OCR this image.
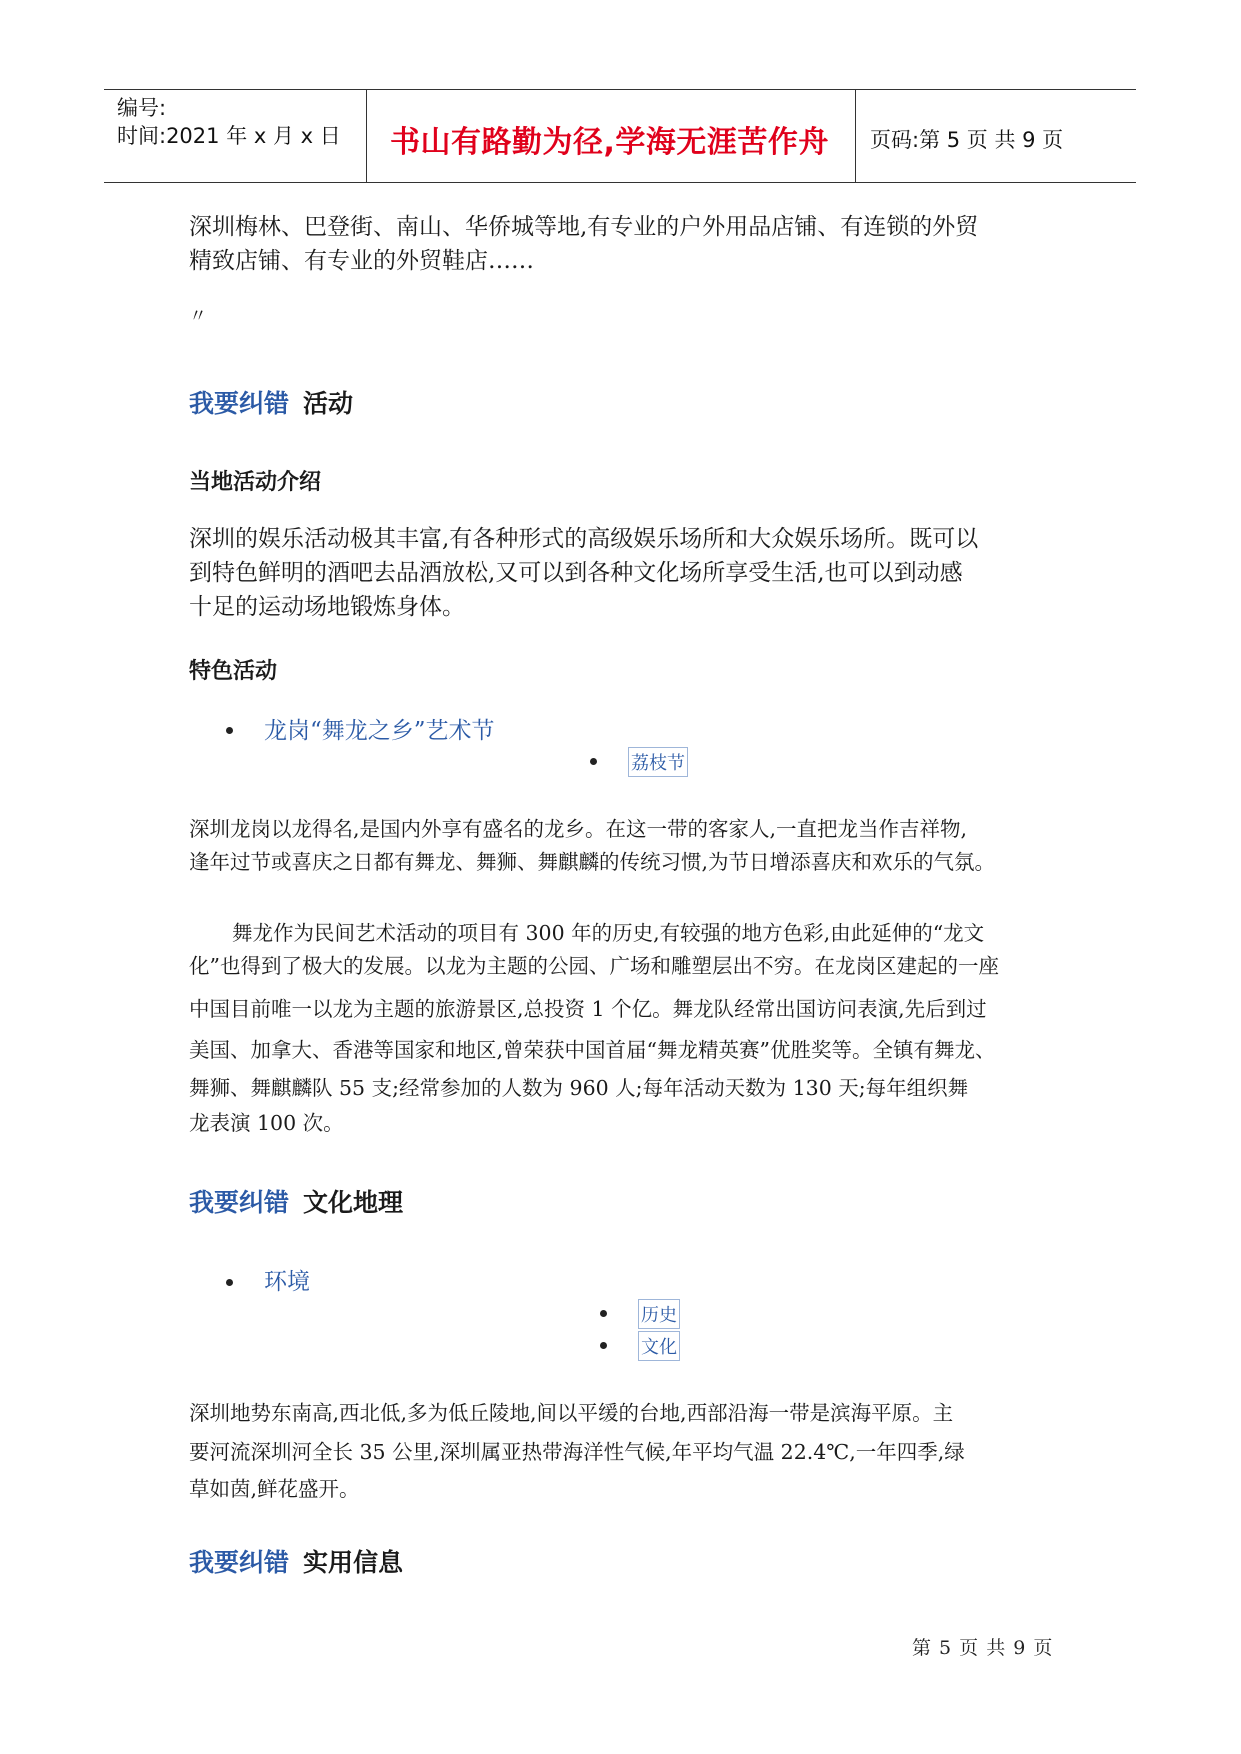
编号:
时间:2021 年 x 月 x 日 书山有路勤为径,学海无涯苦作舟 页码:第 5 页 共 9 页
深圳梅林、巴登街、南山、华侨城等地,有专业的户外用品店铺、有连锁的外贸
精致店铺、有专业的外贸鞋店……
〃
我要纠错 活动
当地活动介绍
深圳的娱乐活动极其丰富,有各种形式的高级娱乐场所和大众娱乐场所。既可以
到特色鲜明的酒吧去品酒放松,又可以到各种文化场所享受生活,也可以到动感
十足的运动场地锻炼身体。
特色活动
龙岗“舞龙之乡”艺术节
荔枝节
深圳龙岗以龙得名,是国内外享有盛名的龙乡。在这一带的客家人,一直把龙当作吉祥物,
逢年过节或喜庆之日都有舞龙、舞狮、舞麒麟的传统习惯,为节日增添喜庆和欢乐的气氛。
舞龙作为民间艺术活动的项目有 300 年的历史,有较强的地方色彩,由此延伸的“龙文
化”也得到了极大的发展。以龙为主题的公园、广场和雕塑层出不穷。在龙岗区建起的一座
中国目前唯一以龙为主题的旅游景区,总投资 1 个亿。舞龙队经常出国访问表演,先后到过
美国、加拿大、香港等国家和地区,曾荣获中国首届“舞龙精英赛”优胜奖等。全镇有舞龙、
舞狮、舞麒麟队 55 支;经常参加的人数为 960 人;每年活动天数为 130 天;每年组织舞
龙表演 100 次。
我要纠错 文化地理
环境
历史
文化
深圳地势东南高,西北低,多为低丘陵地,间以平缓的台地,西部沿海一带是滨海平原。主
要河流深圳河全长 35 公里,深圳属亚热带海洋性气候,年平均气温 22.4℃,一年四季,绿
草如茵,鲜花盛开。
我要纠错 实用信息
第 5 页 共 9 页
